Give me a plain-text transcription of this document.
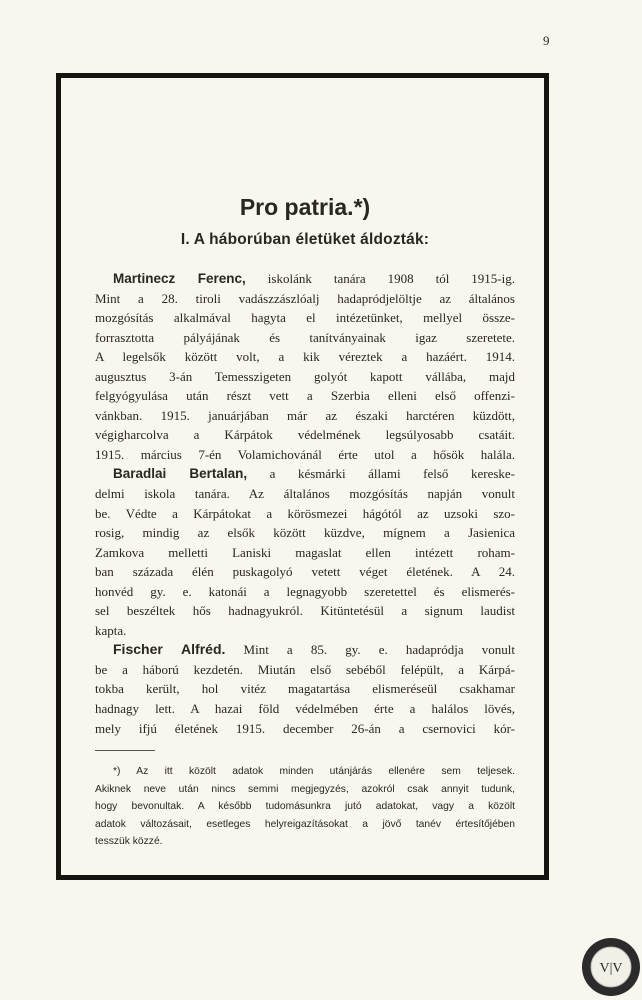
9
Pro patria.*)
I. A háborúban életüket áldozták:
Martinecz Ferenc, iskolánk tanára 1908 tól 1915-ig.
Mint a 28. tiroli vadászzászlóalj hadapródjelöltje az általános
mozgósítás alkalmával hagyta el intézetünket, mellyel össze-
forrasztotta pályájának és tanítványainak igaz szeretete.
A legelsők között volt, a kik véreztek a hazáért. 1914.
augusztus 3-án Temesszigeten golyót kapott vállába, majd
felgyógyulása után részt vett a Szerbia elleni első offenzi-
vánkban. 1915. januárjában már az északi harctéren küzdött,
végigharcolva a Kárpátok védelmének legsúlyosabb csatáit.
1915. március 7-én Volamichovánál érte utol a hősök halála.
Baradlai Bertalan, a késmárki állami felső kereske-
delmi iskola tanára. Az általános mozgósítás napján vonult
be. Védte a Kárpátokat a körösmezei hágótól az uzsoki szo-
rosig, mindig az elsők között küzdve, mígnem a Jasienica
Zamkova melletti Laniski magaslat ellen intézett roham-
ban százada élén puskagolyó vetett véget életének. A 24.
honvéd gy. e. katonái a legnagyobb szeretettel és elismerés-
sel beszéltek hős hadnagyukról. Kitüntetésül a signum laudist
kapta.
Fischer Alfréd. Mint a 85. gy. e. hadapródja vonult
be a háború kezdetén. Miután első sebéből felépült, a Kárpá-
tokba került, hol vitéz magatartása elismeréseül csakhamar
hadnagy lett. A hazai föld védelmében érte a halálos lövés,
mely ifjú életének 1915. december 26-án a csernovici kór-
*) Az itt közölt adatok minden utánjárás ellenére sem teljesek.
Akiknek neve után nincs semmi megjegyzés, azokról csak annyit tudunk,
hogy bevonultak. A később tudomásunkra jutó adatokat, vagy a közölt
adatok változásait, esetleges helyreigazításokat a jövő tanév értesítőjében
tesszük közzé.
V|V
